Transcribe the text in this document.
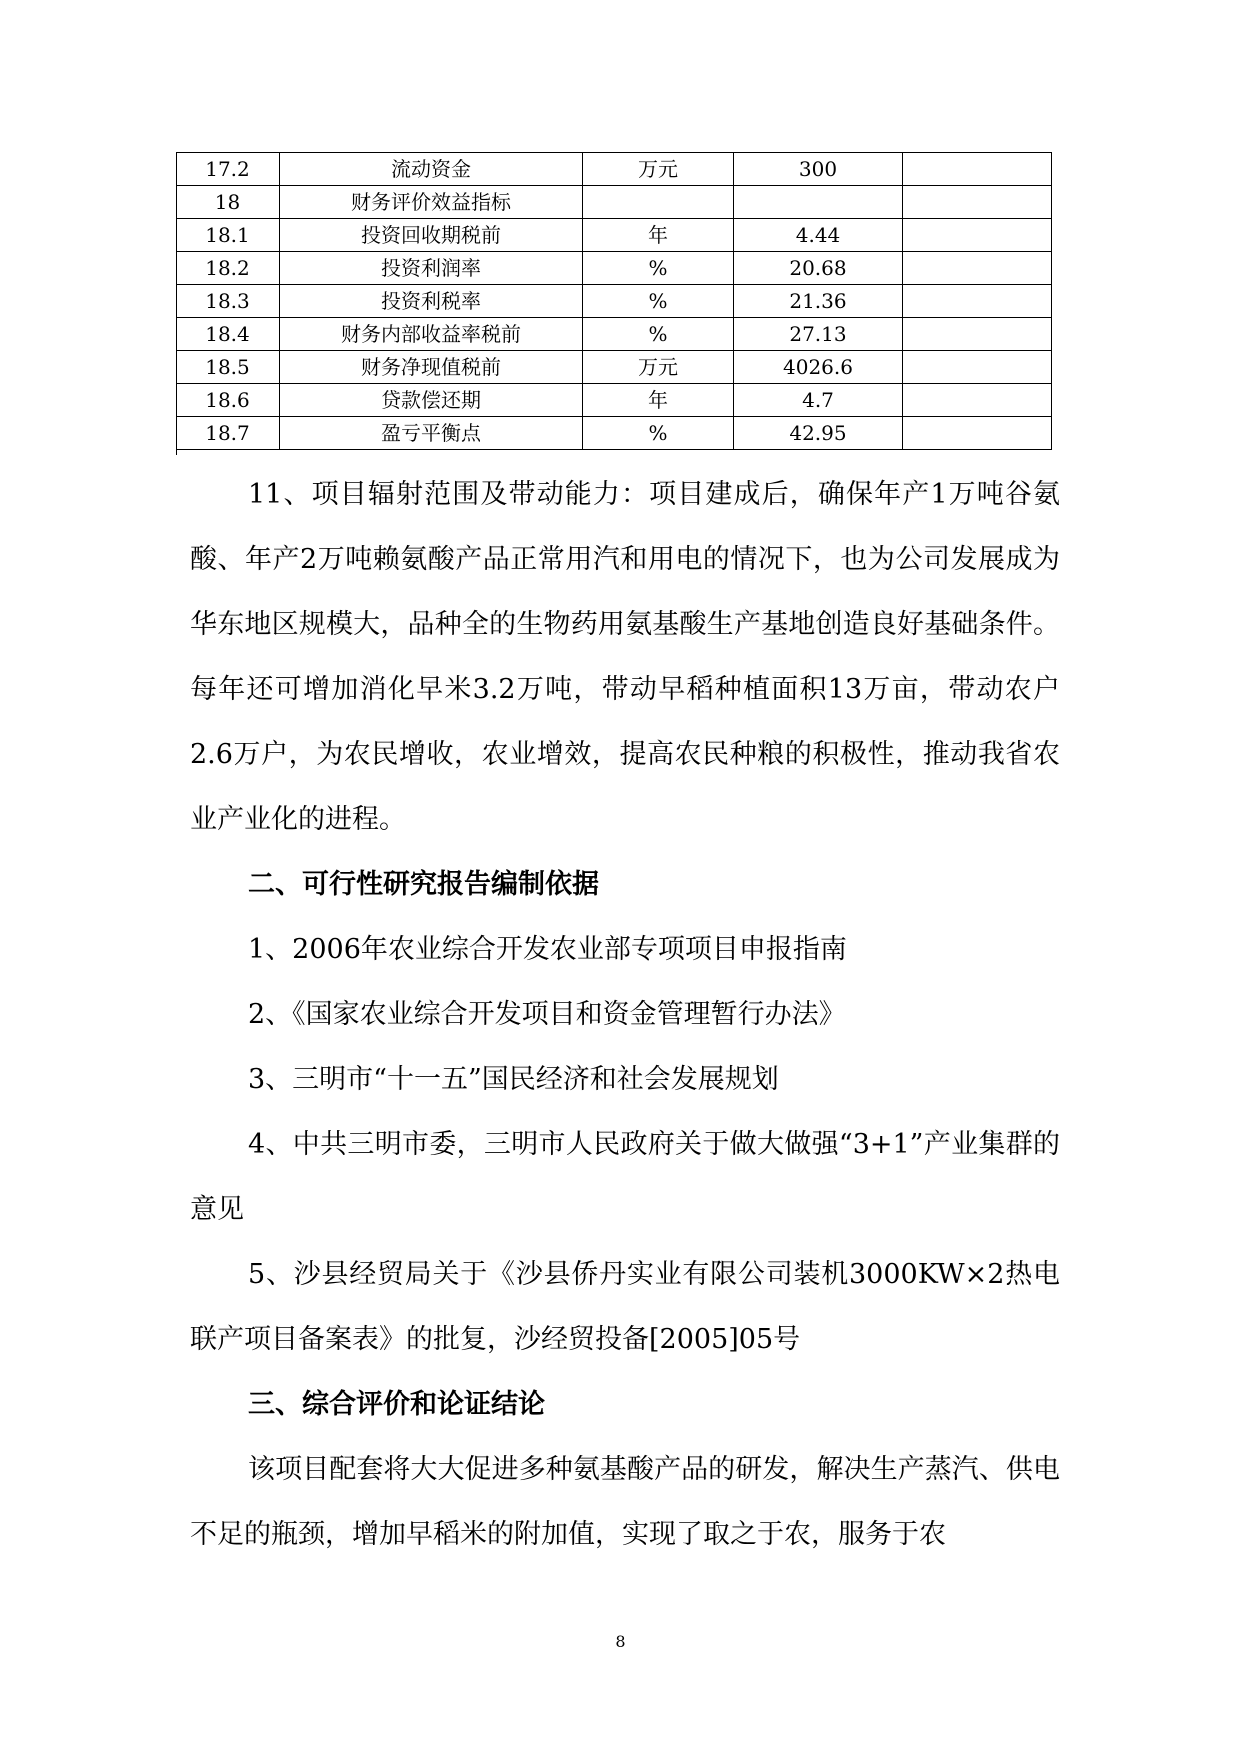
17.2	流动资金	万元	300	
18	财务评价效益指标			
18.1	投资回收期税前	年	4.44	
18.2	投资利润率	%	20.68	
18.3	投资利税率	%	21.36	
18.4	财务内部收益率税前	%	27.13	
18.5	财务净现值税前	万元	4026.6	
18.6	贷款偿还期	年	4.7	
18.7	盈亏平衡点	%	42.95	

11、项目辐射范围及带动能力：项目建成后，确保年产1万吨谷氨酸、年产2万吨赖氨酸产品正常用汽和用电的情况下，也为公司发展成为华东地区规模大，品种全的生物药用氨基酸生产基地创造良好基础条件。每年还可增加消化早米3.2万吨，带动早稻种植面积13万亩，带动农户2.6万户，为农民增收，农业增效，提高农民种粮的积极性，推动我省农业产业化的进程。

二、可行性研究报告编制依据

1、2006年农业综合开发农业部专项项目申报指南

2、《国家农业综合开发项目和资金管理暂行办法》

3、三明市“十一五”国民经济和社会发展规划

4、中共三明市委，三明市人民政府关于做大做强“3+1”产业集群的意见

5、沙县经贸局关于《沙县侨丹实业有限公司装机3000KW×2热电联产项目备案表》的批复，沙经贸投备[2005]05号

三、综合评价和论证结论

该项目配套将大大促进多种氨基酸产品的研发，解决生产蒸汽、供电不足的瓶颈，增加早稻米的附加值，实现了取之于农，服务于农

8
